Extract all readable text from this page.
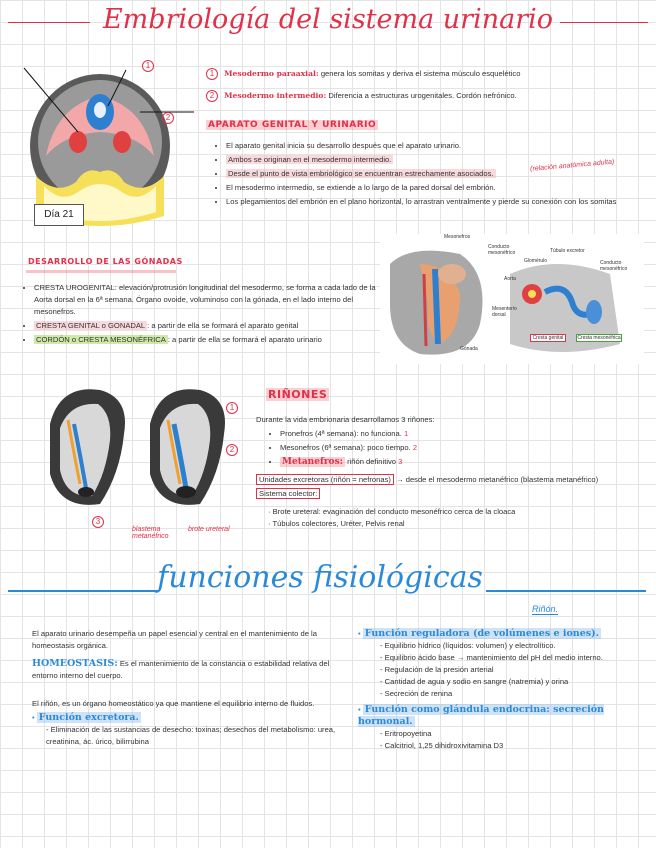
Embriología del sistema urinario
1
2
Día 21
1 Mesodermo paraaxial: genera los somitas y deriva el sistema músculo esquelético
2 Mesodermo intermedio: Diferencia a estructuras urogenitales. Cordón nefrónico.
APARATO GENITAL Y URINARIO
• El aparato genital inicia su desarrollo después que el aparato urinario.
• Ambos se originan en el mesodermo intermedio.
• Desde el punto de vista embriológico se encuentran estrechamente asociados.
• El mesodermo intermedio, se extiende a lo largo de la pared dorsal del embrión.
• Los plegamientos del embrión en el plano horizontal, lo arrastran ventralmente y pierde su conexión con los somitas
(relación anatómica adulta)
DESARROLLO DE LAS GÓNADAS
• CRESTA UROGENITAL: elevación/protrusión longitudinal del mesodermo, se forma a cada lado de la Aorta dorsal en la 6ª semana. Órgano ovoide, voluminoso con la gónada, en el lado interno del mesonefros.
• CRESTA GENITAL o GONADAL : a partir de ella se formará el aparato genital
• CORDÓN o CRESTA MESONÉFRICA : a partir de ella se formará el aparato urinario
Mesonefros
Conducto mesonéfrico
Aorta
Mesenterio dorsal
Gónada
Túbulo excretor
Glomérulo	Conducto mesonéfrico
Cresta genital	Cresta mesonéfrica
1
2
3
blastema metanéfrico
brote ureteral
RIÑONES
Durante la vida embrionaria desarrollamos 3 riñones:
• Pronefros (4ª semana): no funciona. 1
• Mesonefros (6ª semana): poco tiempo. 2
• Metanefros: riñón definitivo 3
Unidades excretoras (riñón = nefronas) → desde el mesodermo metanéfrico (blastema metanéfrico)
Sistema colector:
· Brote ureteral: evaginación del conducto mesonéfrico cerca de la cloaca
· Túbulos colectores, Uréter, Pelvis renal
funciones fisiológicas
Riñón.
El aparato urinario desempeña un papel esencial y central en el mantenimiento de la homeostasis orgánica.
HOMEOSTASIS: Es el mantenimiento de la constancia o estabilidad relativa del entorno interno del cuerpo.
El riñón, es un órgano homeostático ya que mantiene el equilibrio interno de fluidos.
• Función excretora.
- Eliminación de las sustancias de desecho: toxinas; desechos del metabolismo: urea, creatinina, ác. úrico, bilirrubina
• Función reguladora (de volúmenes e iones).
- Equilibrio hídrico (líquidos: volumen) y electrolítico.
- Equilibrio ácido base → mantenimiento del pH del medio interno.
- Regulación de la presión arterial
- Cantidad de agua y sodio en sangre (natremia) y orina
- Secreción de renina
• Función como glándula endocrina: secreción hormonal.
- Eritropoyetina
- Calcitriol, 1,25 dihidroxivitamina D3
